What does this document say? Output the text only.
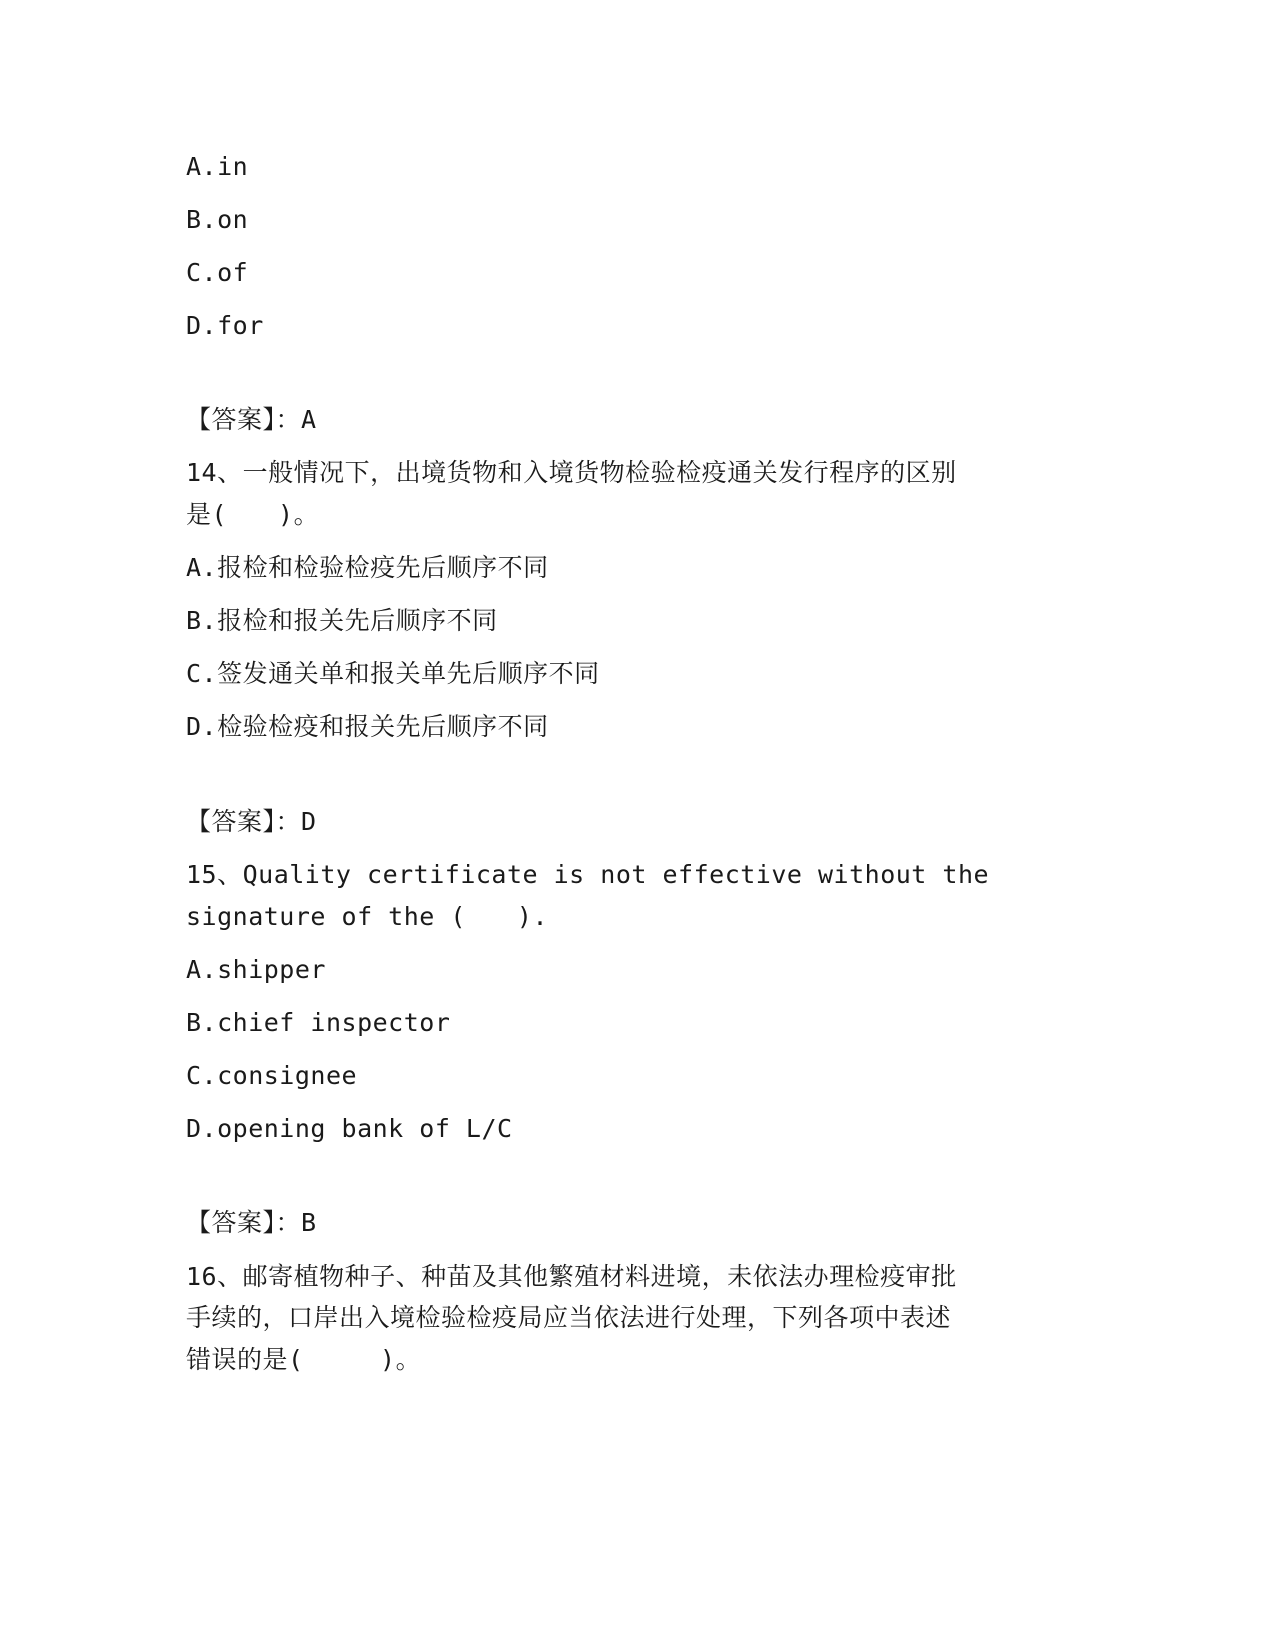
A.in
B.on
C.of
D.for
【答案】：A
14、一般情况下，出境货物和入境货物检验检疫通关发行程序的区别
是(　　)。
A.报检和检验检疫先后顺序不同
B.报检和报关先后顺序不同
C.签发通关单和报关单先后顺序不同
D.检验检疫和报关先后顺序不同
【答案】：D
15、Quality certificate is not effective without the
signature of the (　　).
A.shipper
B.chief inspector
C.consignee
D.opening bank of L/C
【答案】：B
16、邮寄植物种子、种苗及其他繁殖材料进境，未依法办理检疫审批
手续的，口岸出入境检验检疫局应当依法进行处理，下列各项中表述
错误的是(　　　)。
